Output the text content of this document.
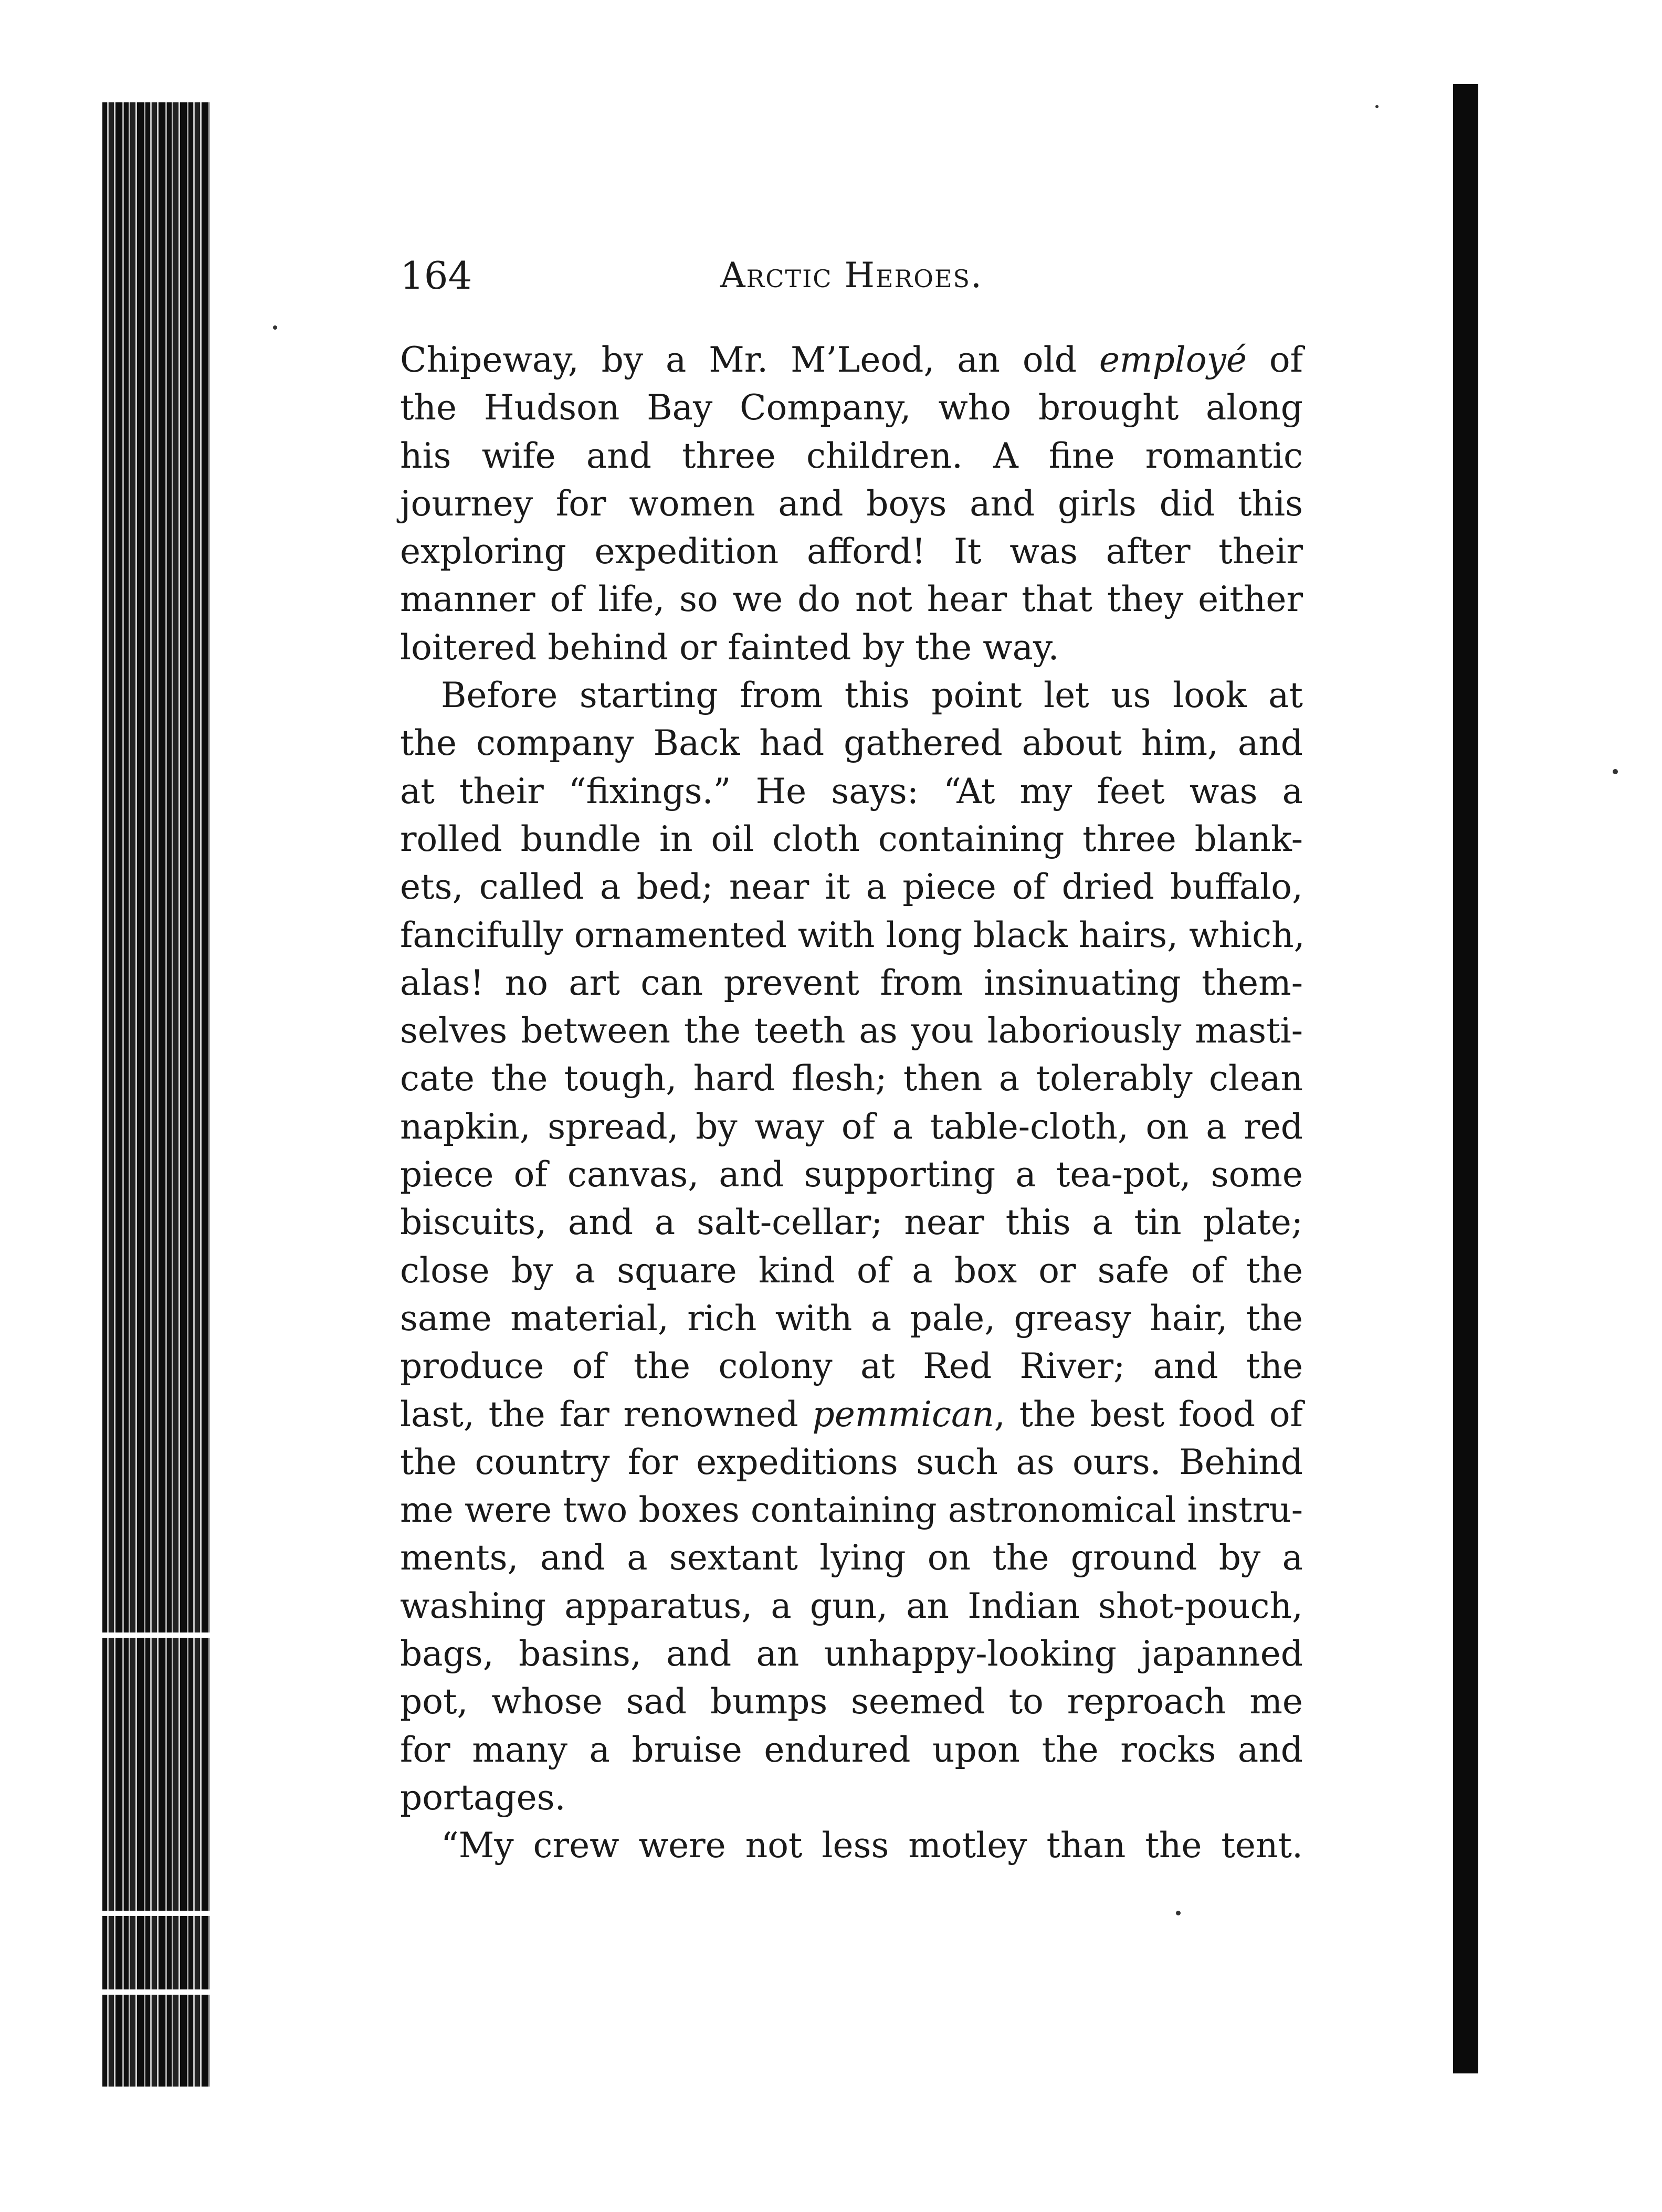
164	Arctic Heroes.
Chipeway, by a Mr. M’Leod, an old employé of
the Hudson Bay Company, who brought along
his wife and three children. A fine romantic
journey for women and boys and girls did this
exploring expedition afford! It was after their
manner of life, so we do not hear that they either
loitered behind or fainted by the way.
Before starting from this point let us look at
the company Back had gathered about him, and
at their “fixings.” He says: “At my feet was a
rolled bundle in oil cloth containing three blank-
ets, called a bed; near it a piece of dried buffalo,
fancifully ornamented with long black hairs, which,
alas! no art can prevent from insinuating them-
selves between the teeth as you laboriously masti-
cate the tough, hard flesh; then a tolerably clean
napkin, spread, by way of a table-cloth, on a red
piece of canvas, and supporting a tea-pot, some
biscuits, and a salt-cellar; near this a tin plate;
close by a square kind of a box or safe of the
same material, rich with a pale, greasy hair, the
produce of the colony at Red River; and the
last, the far renowned pemmican, the best food of
the country for expeditions such as ours. Behind
me were two boxes containing astronomical instru-
ments, and a sextant lying on the ground by a
washing apparatus, a gun, an Indian shot-pouch,
bags, basins, and an unhappy-looking japanned
pot, whose sad bumps seemed to reproach me
for many a bruise endured upon the rocks and
portages.
“My crew were not less motley than the tent.
